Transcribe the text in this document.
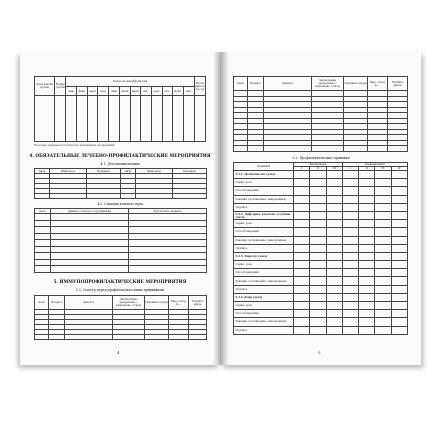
Дата взятия пробы	Номер пробы	Контроль инкубации яиц												Итоги работы за год
		янв.	февр.	март	апр.	май	июнь	июль	авг.	сент.	окт.	нояб.	дек.	

В колонке указывается количество проведённых исследований
4. ОБЯЗАТЕЛЬНЫЕ ЛЕЧЕБНО-ПРОФИЛАКТИЧЕСКИЕ МЕРОПРИЯТИЯ
4.1. Дегельминтизация
Дата	Животное	Препарат	Дата	Животное	Препарат

4.2. Санация кожного пуха
Дата	Данные осмотра сотрудниками	Результаты санации

5. ИММУНОПРОФИЛАКТИЧЕСКИЕ МЕРОПРИЯТИЯ
5.1. Осмотр перед профилактическими прививками
Дата	Возраст	Диагноз	Заключение (разрешено / запрещено, отвод)	Причина отвода	Мед. отвод до...	Подпись врача

4
Дата	Возраст	Диагноз	Заключение (разрешено / запрещено, отвод)	Причина отвода	Мед. отвод до...	Подпись врача

5.2. Профилактические прививки
Прививка	Вакцинация			Ревакцинация			
	I	II	III	I	II	III	IV
5.2.1. Полиомиелит (дата)							
Серия, доза							
Способ введения							
Реакция (осложнения, замедленная)							
Подпись							
5.2.2. Дифтерия, коклюш, столбняк (дата)							
Серия, доза							
Способ введения							
Реакция (осложнения, замедленная)							
Подпись							
5.2.3. Паротит (дата)							
Серия, доза							
Способ введения							
Реакция (осложнения, замедленная)							
Подпись							
5.2.4. Корь (дата)							
Серия, доза							
Способ введения							
Реакция (осложнения, замедленная)							
Подпись							
5
